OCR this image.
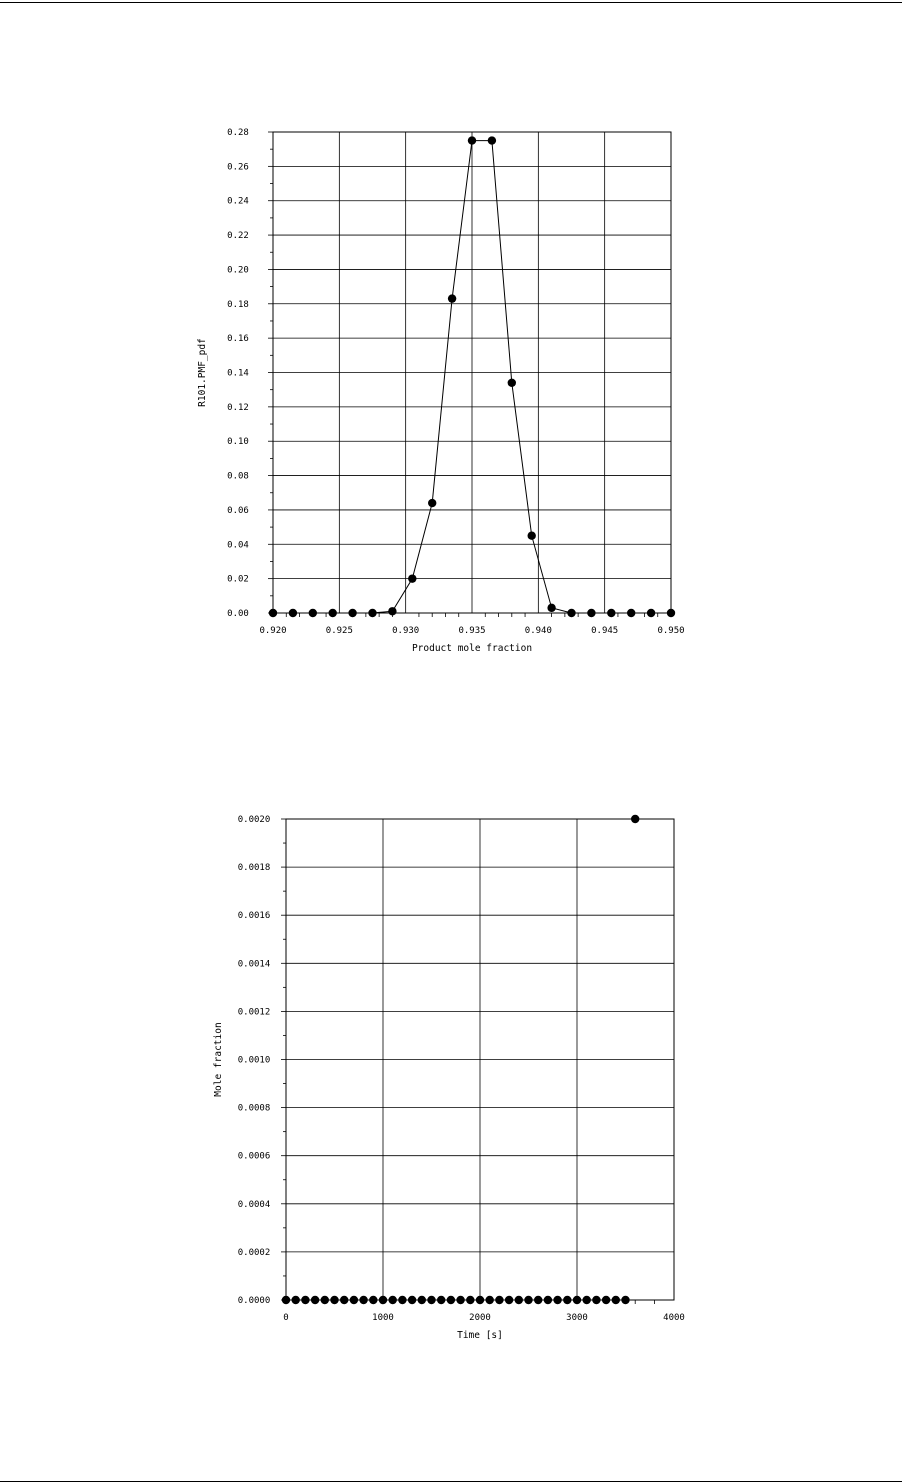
0.920	0.925	0.930	0.935	0.940	0.945	0.950
0.00
0.02
0.04
0.06
0.08
0.10
0.12
0.14
0.16
0.18
0.20
0.22
0.24
0.26
0.28
Product mole fraction
R101.PMF_pdf
0	1000	2000	3000	4000
0.0000
0.0002
0.0004
0.0006
0.0008
0.0010
0.0012
0.0014
0.0016
0.0018
0.0020
Time [s]
Mole fraction
